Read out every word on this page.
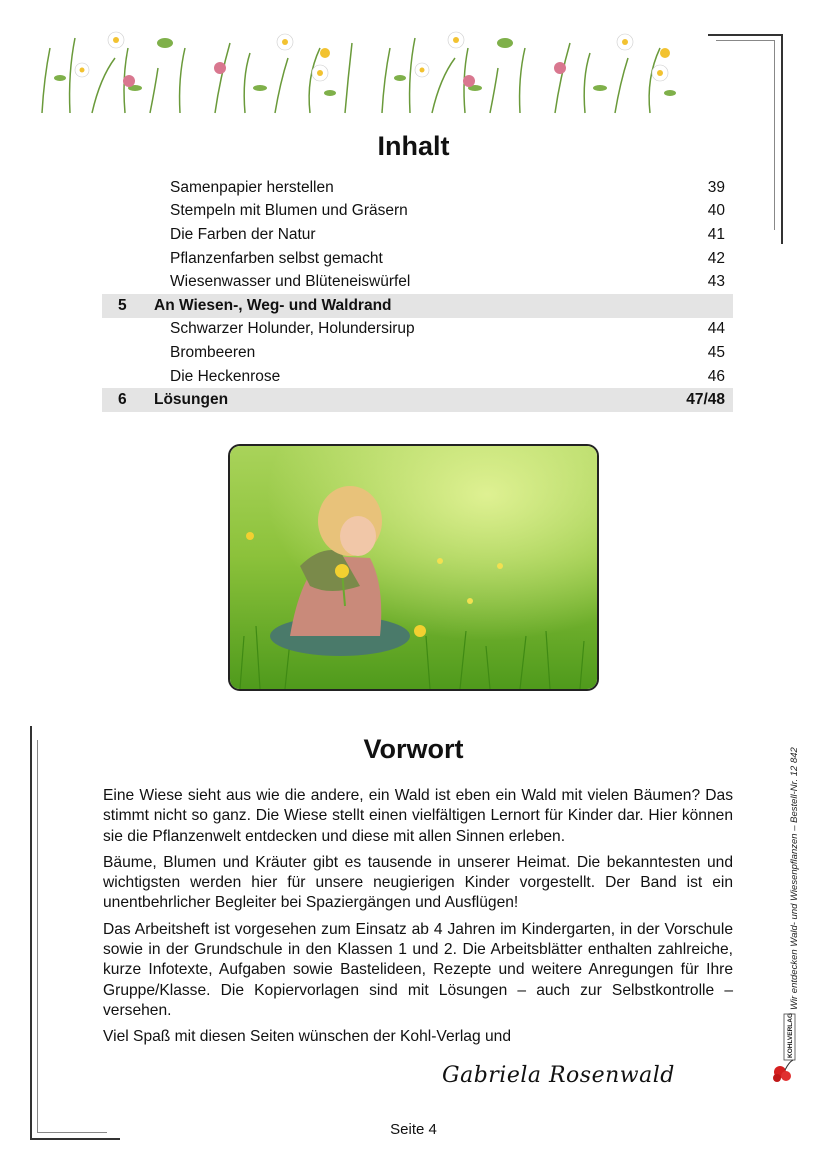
Inhalt
Samenpapier herstellen	39
Stempeln mit Blumen und Gräsern	40
Die Farben der Natur	41
Pflanzenfarben selbst gemacht	42
Wiesenwasser und Blüteneiswürfel	43
5	An Wiesen-, Weg- und Waldrand
Schwarzer Holunder, Holundersirup	44
Brombeeren	45
Die Heckenrose	46
6	Lösungen	47/48
Vorwort

Eine Wiese sieht aus wie die andere, ein Wald ist eben ein Wald mit vielen Bäumen? Das stimmt nicht so ganz. Die Wiese stellt einen vielfältigen Lernort für Kinder dar. Hier können sie die Pflanzenwelt entdecken und diese mit allen Sinnen erleben.

Bäume, Blumen und Kräuter gibt es tausende in unserer Heimat. Die bekanntesten und wichtigsten werden hier für unsere neugierigen Kinder vorgestellt. Der Band ist ein unentbehrlicher Begleiter bei Spaziergängen und Ausflügen!

Das Arbeitsheft ist vorgesehen zum Einsatz ab 4 Jahren im Kindergarten, in der Vorschule sowie in der Grundschule in den Klassen 1 und 2. Die Arbeitsblätter enthalten zahlreiche, kurze Infotexte, Aufgaben sowie Bastelideen, Rezepte und weitere Anregungen für Ihre Gruppe/Klasse. Die Kopiervorlagen sind mit Lösungen – auch zur Selbstkontrolle – versehen.

Viel Spaß mit diesen Seiten wünschen der Kohl-Verlag und

Gabriela Rosenwald
Seite 4
Wir entdecken Wald- und Wiesenpflanzen – Bestell-Nr. 12 842
KOHLVERLAG
